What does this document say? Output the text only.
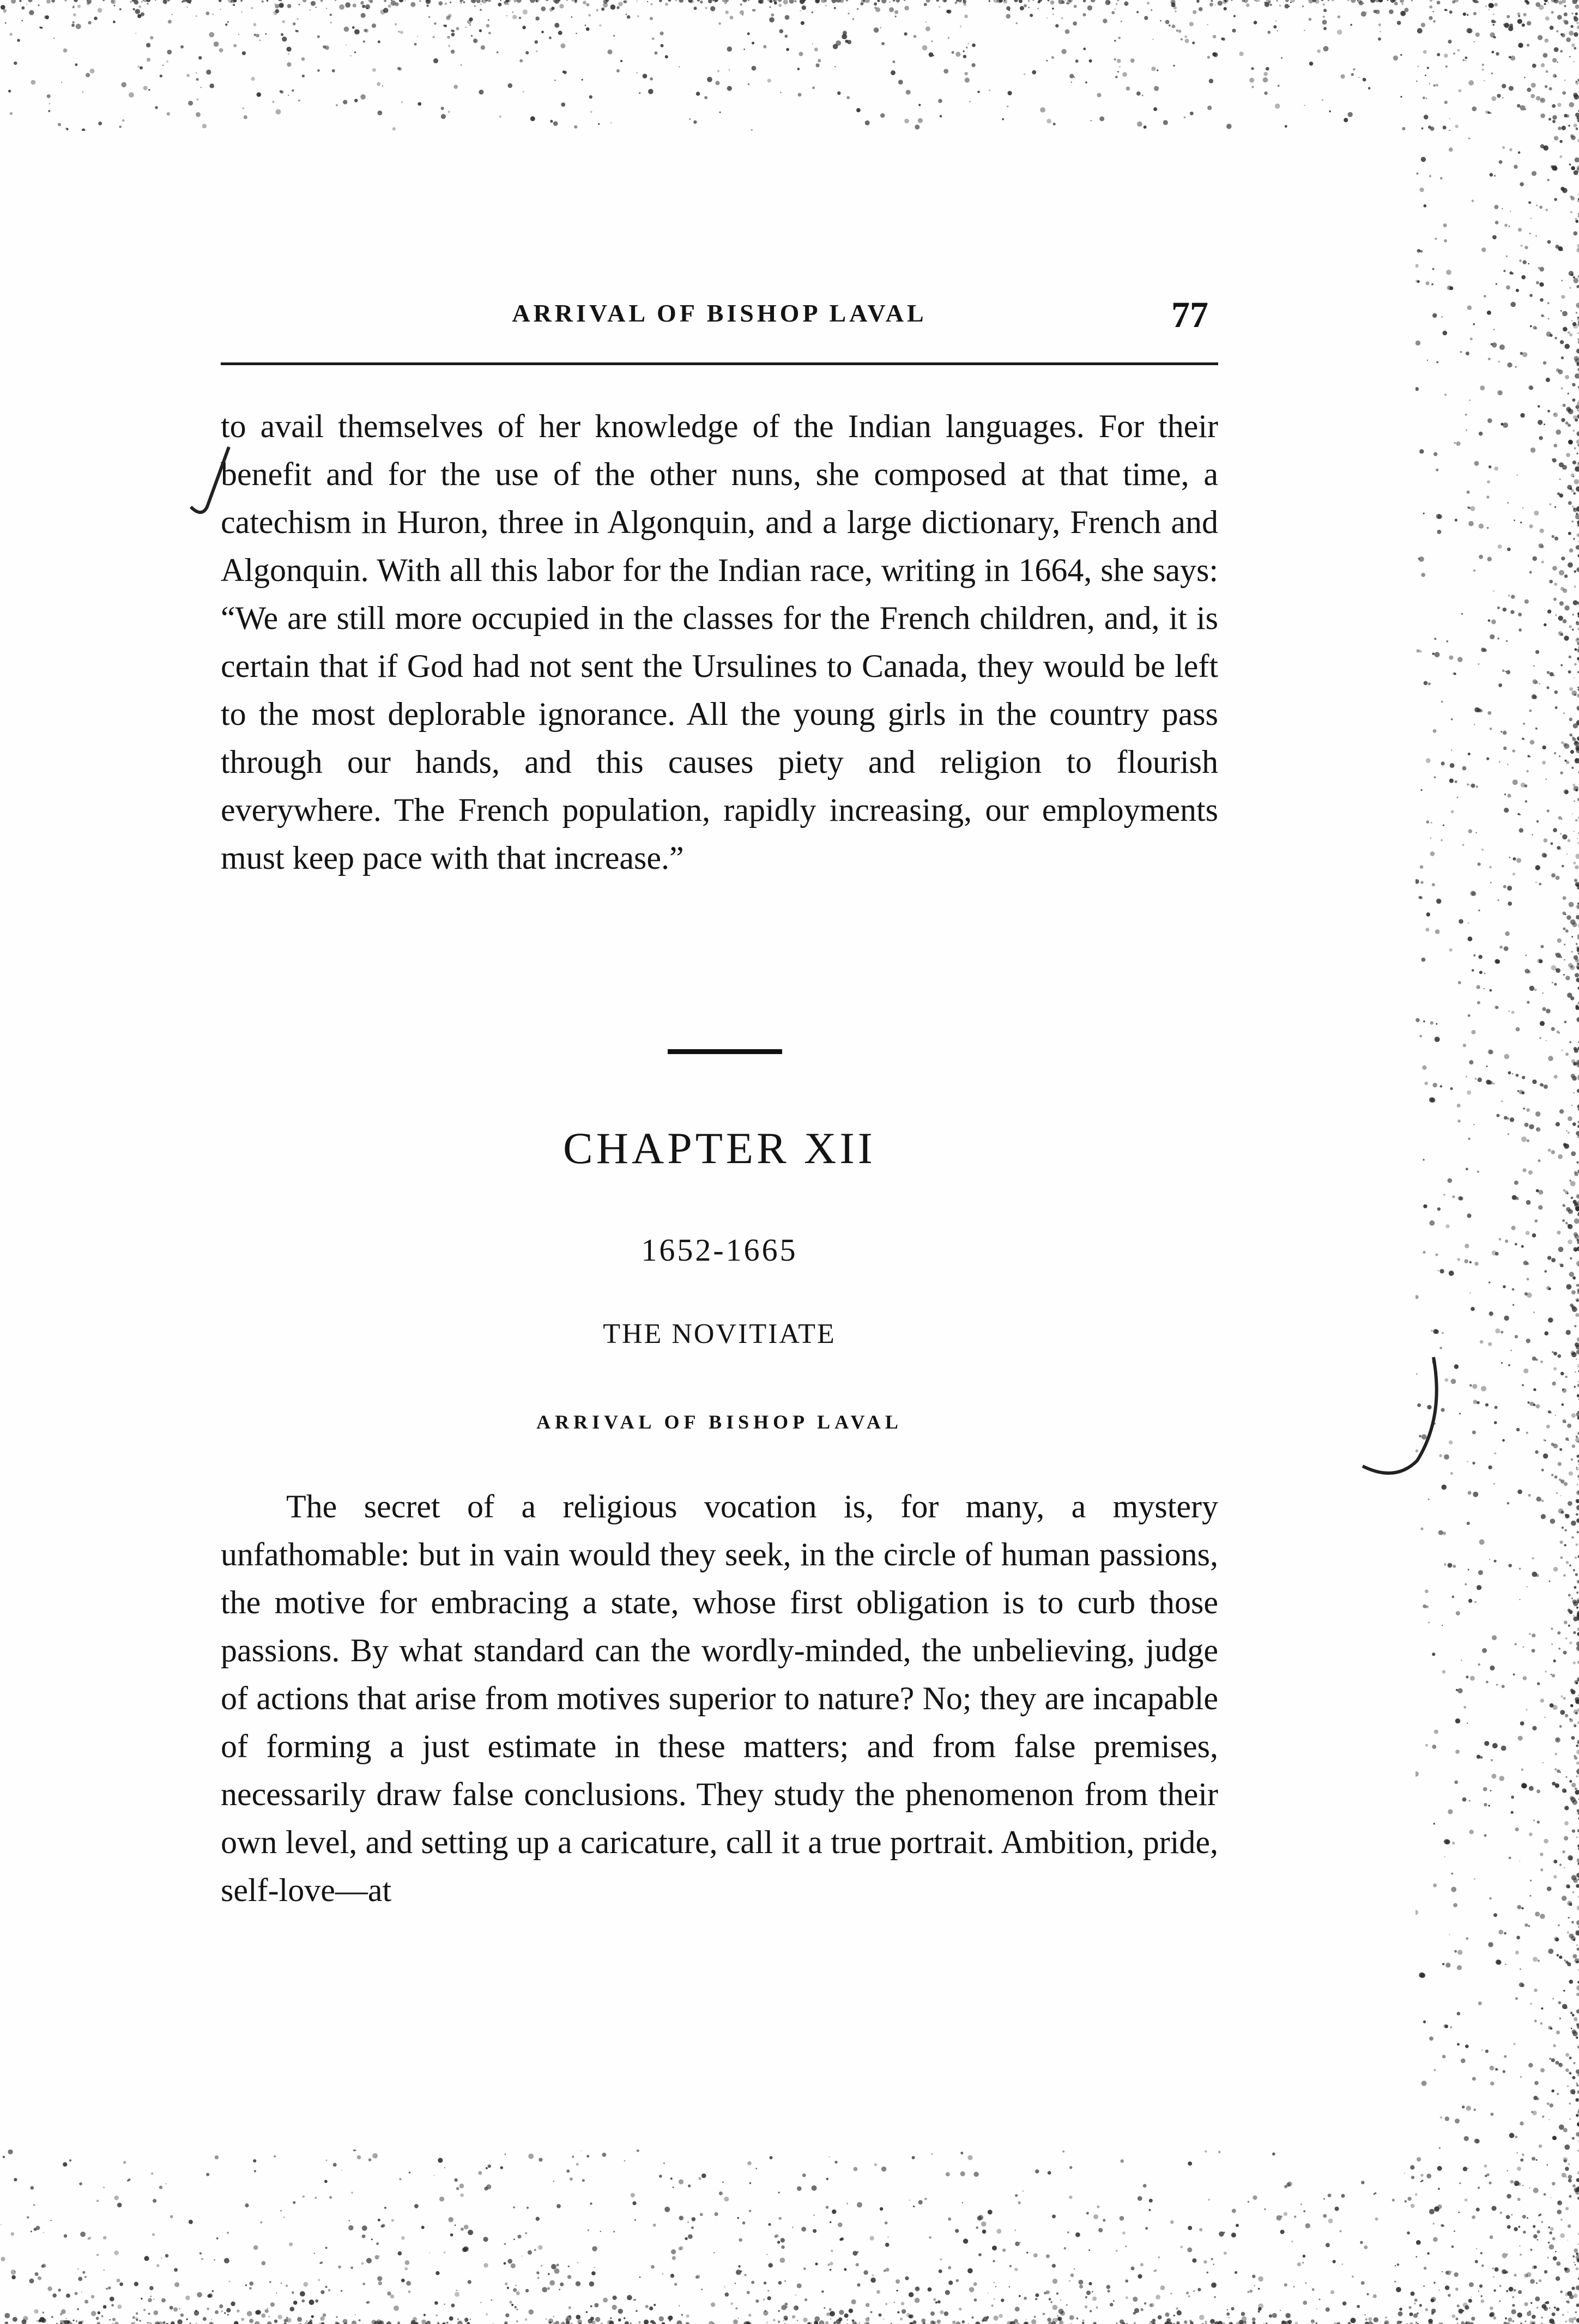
ARRIVAL OF BISHOP LAVAL	77

to avail themselves of her knowledge of the Indian languages. For their benefit and for the use of the other nuns, she composed at that time, a catechism in Huron, three in Algonquin, and a large dictionary, French and Algonquin. With all this labor for the Indian race, writing in 1664, she says: “We are still more occupied in the classes for the French children, and, it is certain that if God had not sent the Ursulines to Canada, they would be left to the most deplorable ignorance. All the young girls in the country pass through our hands, and this causes piety and religion to flourish everywhere. The French population, rapidly increasing, our employments must keep pace with that increase.”

CHAPTER XII
1652-1665
THE NOVITIATE
ARRIVAL OF BISHOP LAVAL

The secret of a religious vocation is, for many, a mystery unfathomable: but in vain would they seek, in the circle of human passions, the motive for embracing a state, whose first obligation is to curb those passions. By what standard can the wordly-minded, the unbelieving, judge of actions that arise from motives superior to nature? No; they are incapable of forming a just estimate in these matters; and from false premises, necessarily draw false conclusions. They study the phenomenon from their own level, and setting up a caricature, call it a true portrait. Ambition, pride, self-love—at
